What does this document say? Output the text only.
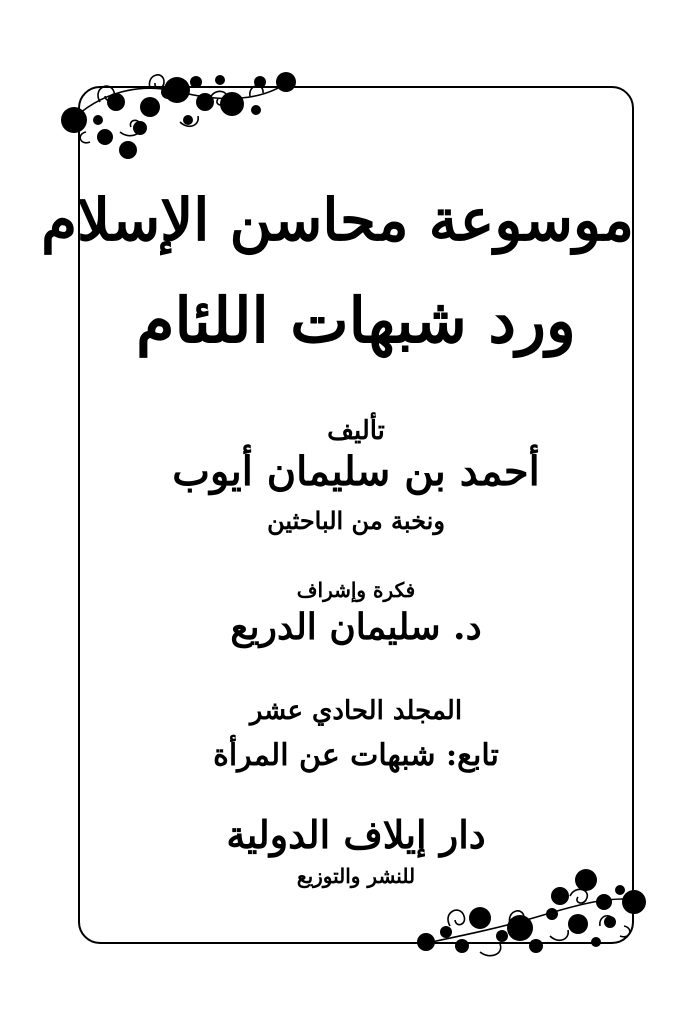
موسوعة محاسن الإسلام
ورد شبهات اللئام
تأليف
أحمد بن سليمان أيوب
ونخبة من الباحثين
فكرة وإشراف
د. سليمان الدريع
المجلد الحادي عشر
تابع: شبهات عن المرأة
دار إيلاف الدولية
للنشر والتوزيع
